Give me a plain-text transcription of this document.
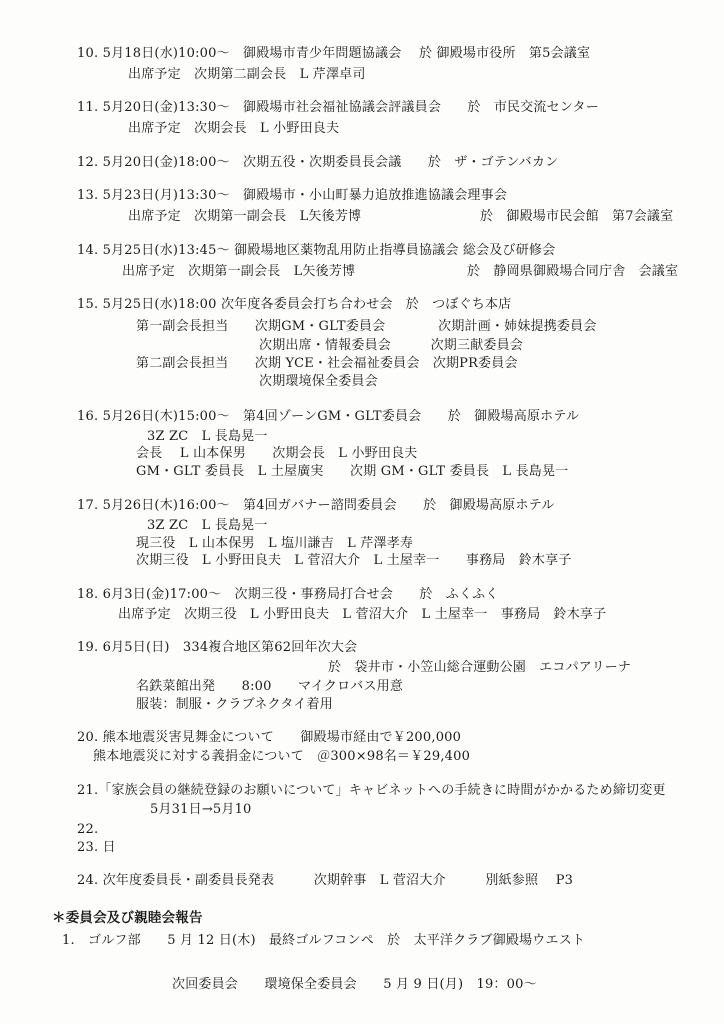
10. 5月18日(水)10:00～　御殿場市青少年問題協議会　 於 御殿場市役所　第5会議室
出席予定　次期第二副会長　L 芹澤卓司
11. 5月20日(金)13:30～　御殿場市社会福祉協議会評議員会　　於　市民交流センター
出席予定　次期会長　L 小野田良夫
12. 5月20日(金)18:00～　次期五役・次期委員長会議　　於　ザ・ゴテンバカン
13. 5月23日(月)13:30～　御殿場市・小山町暴力追放推進協議会理事会
出席予定　次期第一副会長　L矢後芳博	於　御殿場市民会館　第7会議室
14. 5月25日(水)13:45～ 御殿場地区薬物乱用防止指導員協議会 総会及び研修会
出席予定　次期第一副会長　L矢後芳博	於　静岡県御殿場合同庁舎　会議室
15. 5月25日(水)18:00 次年度各委員会打ち合わせ会　於　つぼぐち本店
第一副会長担当　　次期GM・GLT委員会　　　　次期計画・姉妹提携委員会
次期出席・情報委員会　　　次期三献委員会
第二副会長担当　　次期 YCE・社会福祉委員会　次期PR委員会
次期環境保全委員会
16. 5月26日(木)15:00～　第4回ゾーンGM・GLT委員会　　於　御殿場高原ホテル
3Z ZC　L 長島晃一
会長　 L 山本保男　　次期会長　L 小野田良夫
GM・GLT 委員長　L 土屋廣実　　次期 GM・GLT 委員長　L 長島晃一
17. 5月26日(木)16:00～　第4回ガバナー諮問委員会　　於　御殿場高原ホテル
3Z ZC　L 長島晃一
現三役　L 山本保男　L 塩川謙吉　L 芹澤孝寿
次期三役　L 小野田良夫　L 菅沼大介　L 土屋幸一　　事務局　鈴木享子
18. 6月3日(金)17:00～　次期三役・事務局打合せ会　　於　ふくふく
出席予定　次期三役　L 小野田良夫　L 菅沼大介　L 土屋幸一　事務局　鈴木享子
19. 6月5日(日)　334複合地区第62回年次大会
於　袋井市・小笠山総合運動公園　エコパアリーナ
名鉄菜館出発　　8:00　　マイクロバス用意
服装：制服・クラブネクタイ着用
20. 熊本地震災害見舞金について　　御殿場市経由で￥200,000
熊本地震災に対する義捐金について　＠300×98名＝￥29,400
21.「家族会員の継続登録のお願いについて」キャビネットへの手続きに時間がかかるため締切変更
5月31日→5月10
22.
23. 日
24. 次年度委員長・副委員長発表　　　次期幹事　L 菅沼大介　　　別紙参照　 P3
＊委員会及び親睦会報告
1.　ゴルフ部　　5 月 12 日(木)　最終ゴルフコンペ　於　太平洋クラブ御殿場ウエスト
次回委員会　　環境保全委員会　　5 月 9 日(月)　19：00～
